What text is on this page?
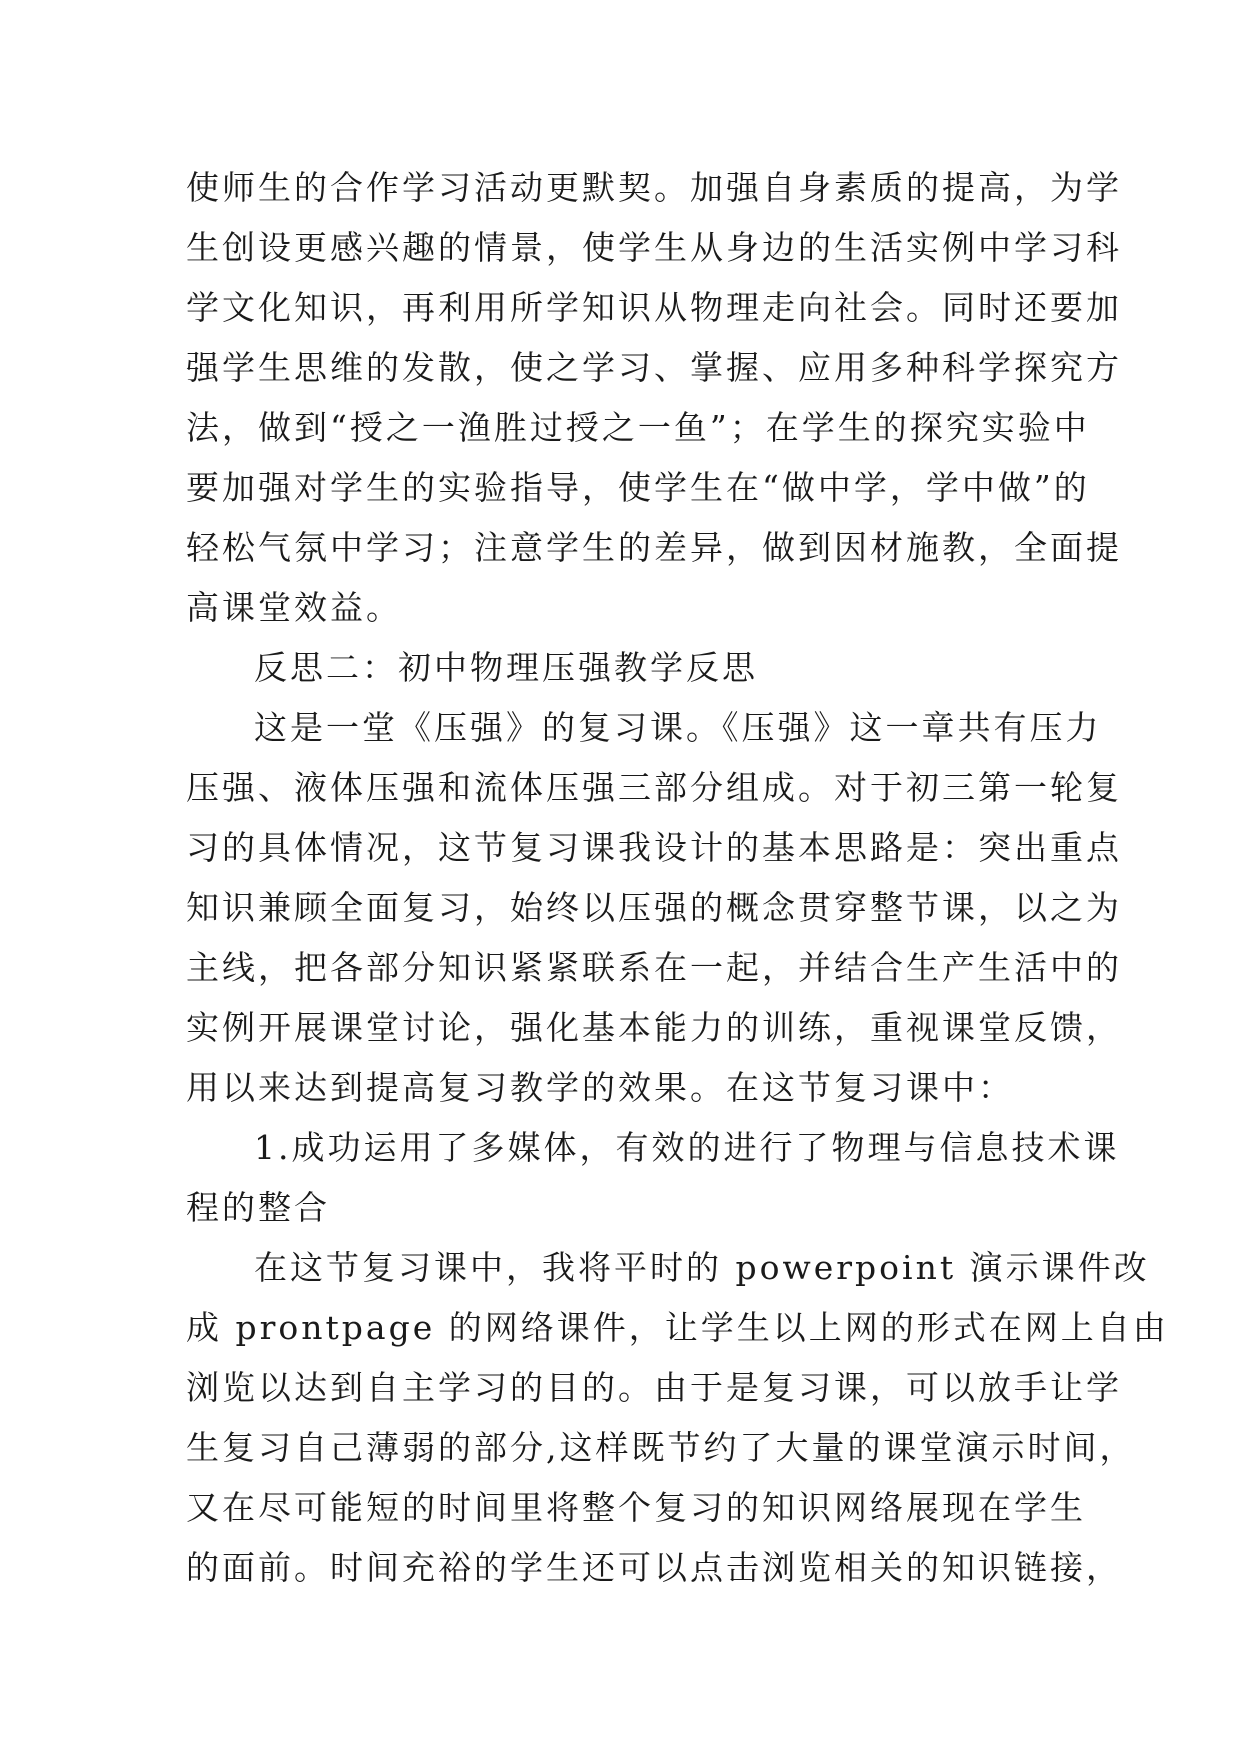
使师生的合作学习活动更默契。加强自身素质的提高，为学
生创设更感兴趣的情景，使学生从身边的生活实例中学习科
学文化知识，再利用所学知识从物理走向社会。同时还要加
强学生思维的发散，使之学习、掌握、应用多种科学探究方
法，做到“授之一渔胜过授之一鱼”；在学生的探究实验中
要加强对学生的实验指导，使学生在“做中学，学中做”的
轻松气氛中学习；注意学生的差异，做到因材施教，全面提
高课堂效益。
反思二：初中物理压强教学反思
这是一堂《压强》的复习课。《压强》这一章共有压力
压强、液体压强和流体压强三部分组成。对于初三第一轮复
习的具体情况，这节复习课我设计的基本思路是：突出重点
知识兼顾全面复习，始终以压强的概念贯穿整节课，以之为
主线，把各部分知识紧紧联系在一起，并结合生产生活中的
实例开展课堂讨论，强化基本能力的训练，重视课堂反馈，
用以来达到提高复习教学的效果。在这节复习课中：
1.成功运用了多媒体，有效的进行了物理与信息技术课
程的整合
在这节复习课中，我将平时的 powerpoint 演示课件改
成 prontpage 的网络课件，让学生以上网的形式在网上自由
浏览以达到自主学习的目的。由于是复习课，可以放手让学
生复习自己薄弱的部分,这样既节约了大量的课堂演示时间，
又在尽可能短的时间里将整个复习的知识网络展现在学生
的面前。时间充裕的学生还可以点击浏览相关的知识链接，
